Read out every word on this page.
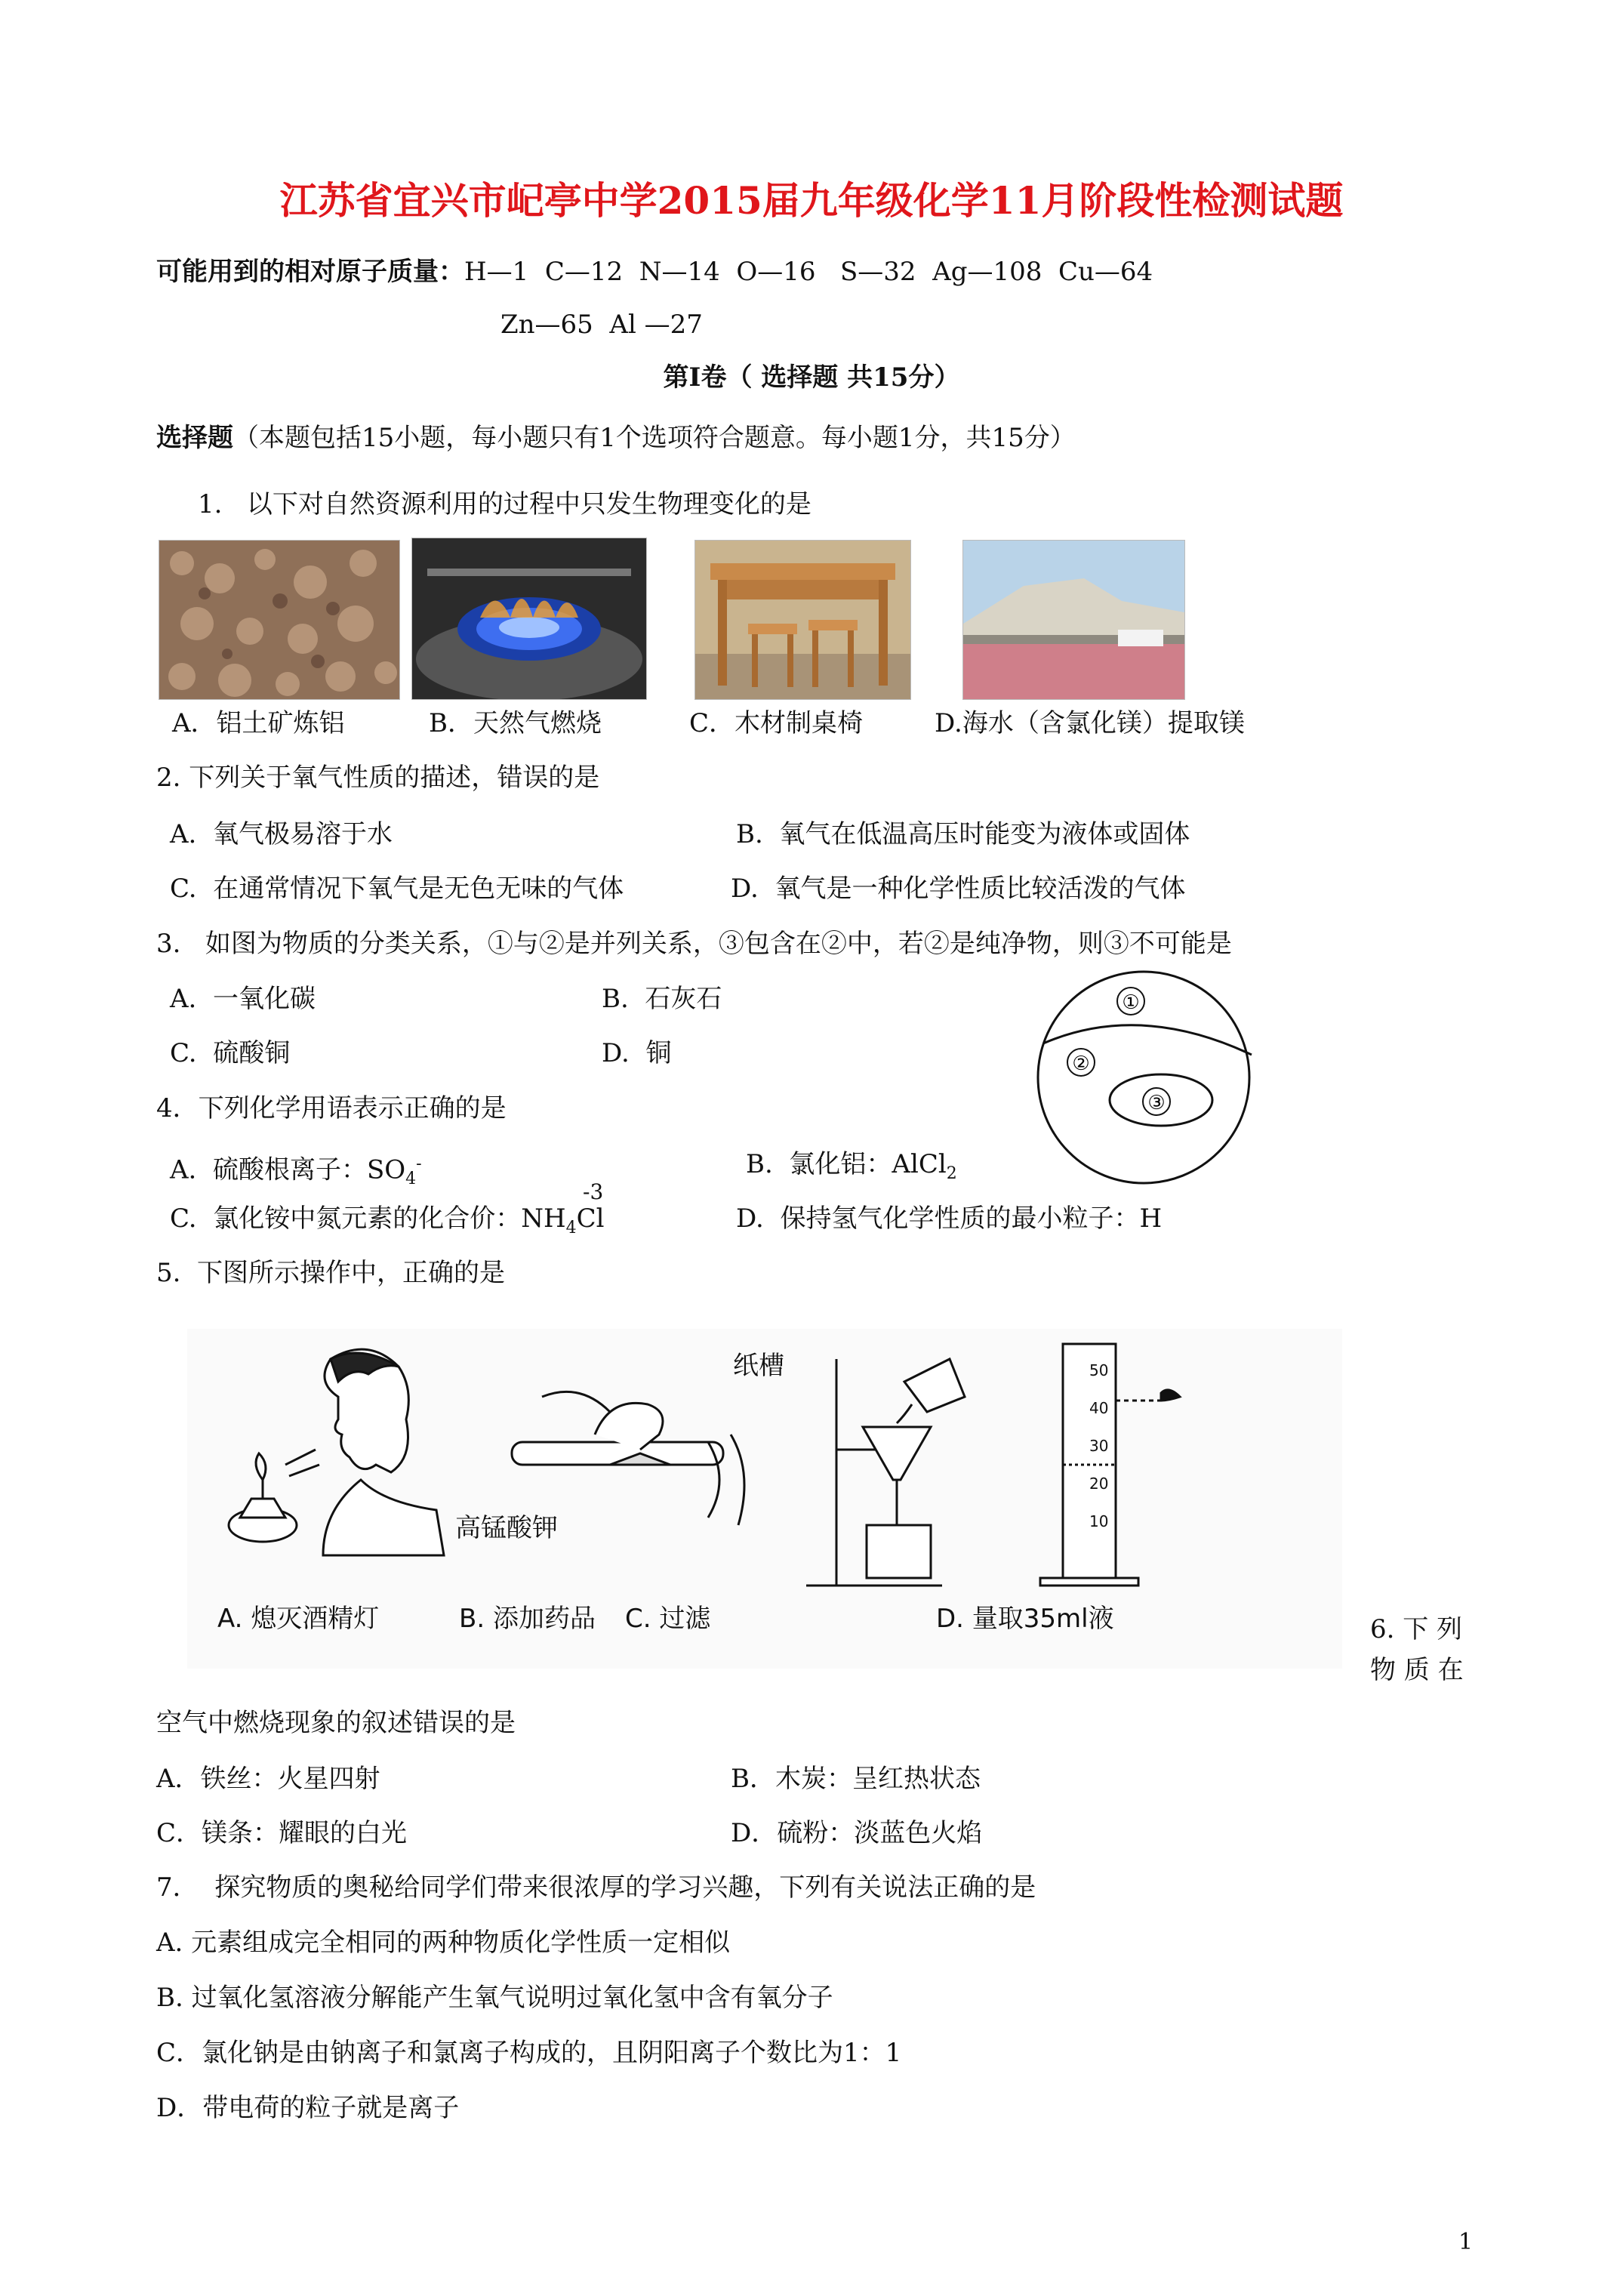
江苏省宜兴市屺亭中学2015届九年级化学11月阶段性检测试题
可能用到的相对原子质量：H—1  C—12  N—14  O—16   S—32  Ag—108  Cu—64
Zn—65  Al —27
第Ⅰ卷（ 选择题 共15分）
选择题（本题包括15小题，每小题只有1个选项符合题意。每小题1分，共15分）
1.   以下对自然资源利用的过程中只发生物理变化的是
A．铝土矿炼铝	B．天然气燃烧	C．木材制桌椅	D.海水（含氯化镁）提取镁
2. 下列关于氧气性质的描述，错误的是
A.  氧气极易溶于水	B.  氧气在低温高压时能变为液体或固体
C.  在通常情况下氧气是无色无味的气体	D.  氧气是一种化学性质比较活泼的气体
3.   如图为物质的分类关系，①与②是并列关系，③包含在②中，若②是纯净物，则③不可能是
A.  一氧化碳	B.  石灰石
C.  硫酸铜	D.  铜
①
②
③
4．下列化学用语表示正确的是
A.  硫酸根离子：$SO_4^-$	B.  氯化铝：AlCl$_2$
-3
C.  氯化铵中氮元素的化合价：$NH_4Cl$	D.  保持氢气化学性质的最小粒子：H
5.  下图所示操作中，正确的是
A. 熄灭酒精灯
纸槽
高锰酸钾
B. 添加药品 C. 过滤
50
40
30
20
10
D. 量取35ml液	6. 下 列
物 质 在
空气中燃烧现象的叙述错误的是
A．铁丝：火星四射	B．木炭：呈红热状态
C．镁条：耀眼的白光	D．硫粉：淡蓝色火焰
7．  探究物质的奥秘给同学们带来很浓厚的学习兴趣，下列有关说法正确的是
A. 元素组成完全相同的两种物质化学性质一定相似
B. 过氧化氢溶液分解能产生氧气说明过氧化氢中含有氧分子
C．氯化钠是由钠离子和氯离子构成的，且阴阳离子个数比为1：1
D．带电荷的粒子就是离子
1
